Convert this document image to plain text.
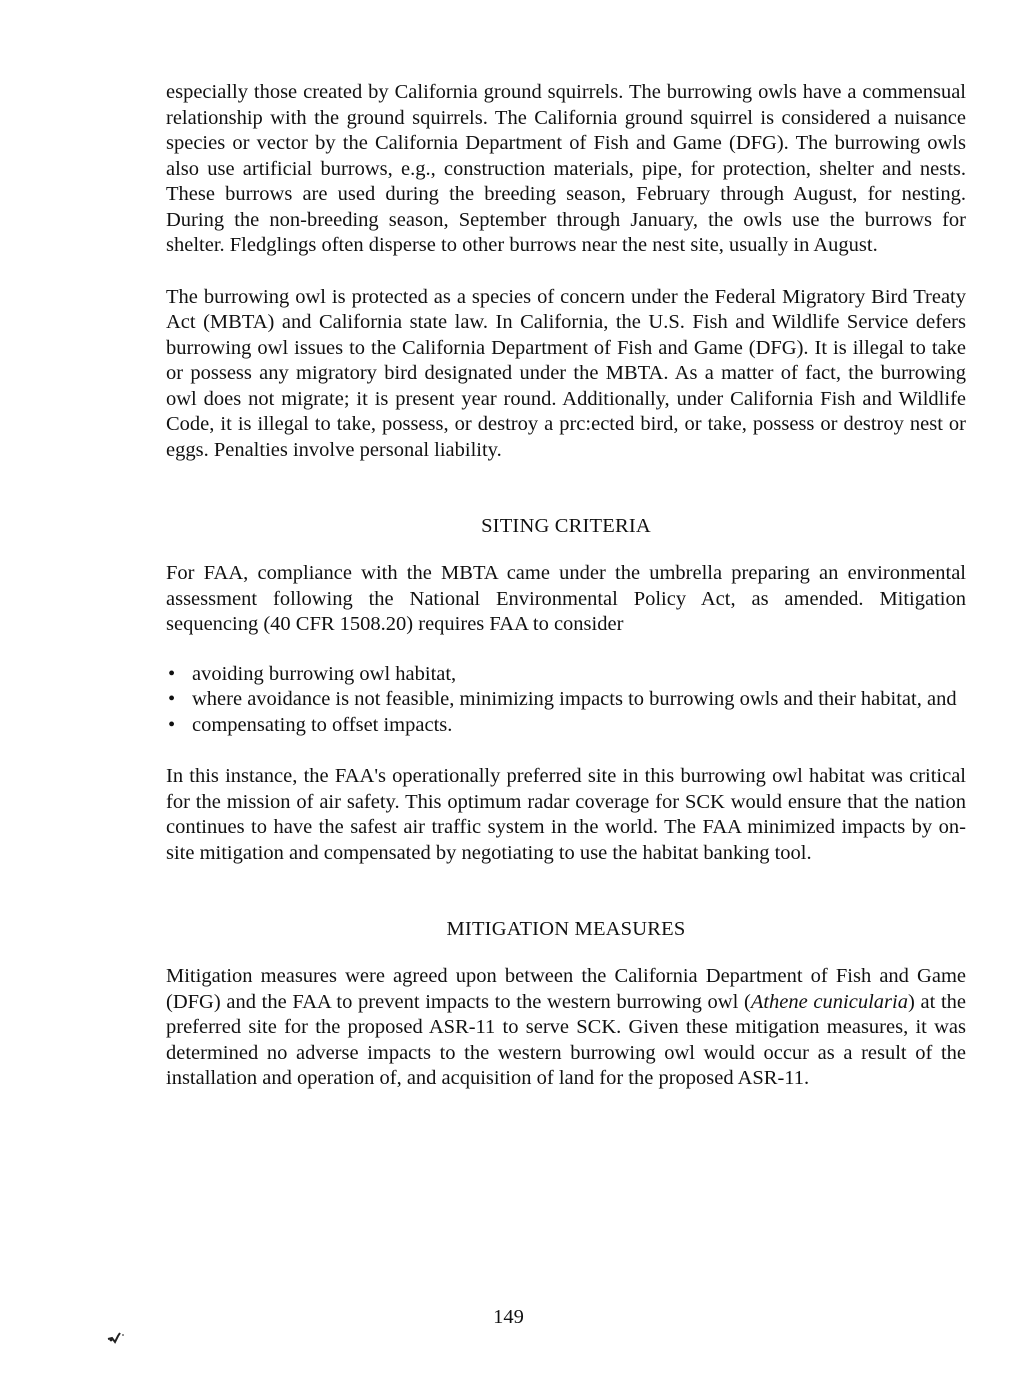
especially those created by California ground squirrels. The burrowing owls have a commensual relationship with the ground squirrels. The California ground squirrel is considered a nuisance species or vector by the California Department of Fish and Game (DFG). The burrowing owls also use artificial burrows, e.g., construction materials, pipe, for protection, shelter and nests. These burrows are used during the breeding season, February through August, for nesting. During the non-breeding season, September through January, the owls use the burrows for shelter. Fledglings often disperse to other burrows near the nest site, usually in August.

The burrowing owl is protected as a species of concern under the Federal Migratory Bird Treaty Act (MBTA) and California state law. In California, the U.S. Fish and Wildlife Service defers burrowing owl issues to the California Department of Fish and Game (DFG). It is illegal to take or possess any migratory bird designated under the MBTA. As a matter of fact, the burrowing owl does not migrate; it is present year round. Additionally, under California Fish and Wildlife Code, it is illegal to take, possess, or destroy a prc:ected bird, or take, possess or destroy nest or eggs. Penalties involve personal liability.

SITING CRITERIA

For FAA, compliance with the MBTA came under the umbrella preparing an environmental assessment following the National Environmental Policy Act, as amended. Mitigation sequencing (40 CFR 1508.20) requires FAA to consider

• avoiding burrowing owl habitat,
• where avoidance is not feasible, minimizing impacts to burrowing owls and their habitat, and
• compensating to offset impacts.

In this instance, the FAA's operationally preferred site in this burrowing owl habitat was critical for the mission of air safety. This optimum radar coverage for SCK would ensure that the nation continues to have the safest air traffic system in the world. The FAA minimized impacts by on-site mitigation and compensated by negotiating to use the habitat banking tool.

MITIGATION MEASURES

Mitigation measures were agreed upon between the California Department of Fish and Game (DFG) and the FAA to prevent impacts to the western burrowing owl (Athene cunicularia) at the preferred site for the proposed ASR-11 to serve SCK. Given these mitigation measures, it was determined no adverse impacts to the western burrowing owl would occur as a result of the installation and operation of, and acquisition of land for the proposed ASR-11.

149
